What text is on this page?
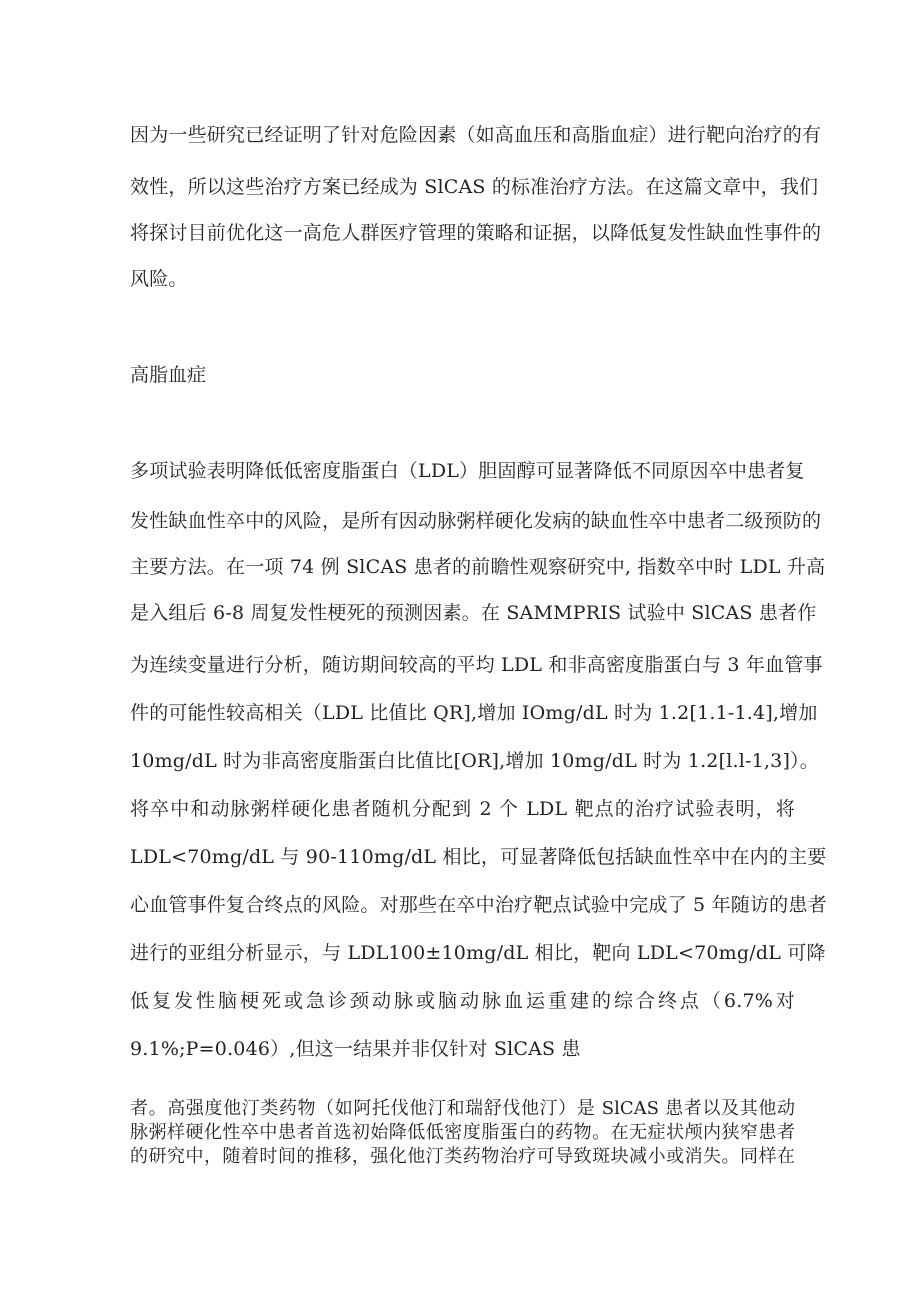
因为一些研究已经证明了针对危险因素（如高血压和高脂血症）进行靶向治疗的有
效性，所以这些治疗方案已经成为 SlCAS 的标准治疗方法。在这篇文章中，我们
将探讨目前优化这一高危人群医疗管理的策略和证据，以降低复发性缺血性事件的
风险。
高脂血症
多项试验表明降低低密度脂蛋白（LDL）胆固醇可显著降低不同原因卒中患者复
发性缺血性卒中的风险，是所有因动脉粥样硬化发病的缺血性卒中患者二级预防的
主要方法。在一项 74 例 SlCAS 患者的前瞻性观察研究中, 指数卒中时 LDL 升高
是入组后 6-8 周复发性梗死的预测因素。在 SAMMPRIS 试验中 SlCAS 患者作
为连续变量进行分析，随访期间较高的平均 LDL 和非高密度脂蛋白与 3 年血管事
件的可能性较高相关（LDL 比值比 QR],增加 IOmg∕dL 时为 1.2[1.1-1.4],增加
10mg/dL 时为非高密度脂蛋白比值比[OR],增加 10mg∕dL 时为 1.2[l.l-1,3]）。
将卒中和动脉粥样硬化患者随机分配到 2 个 LDL 靶点的治疗试验表明，将
LDL<70mg∕dL 与 90-110mg∕dL 相比，可显著降低包括缺血性卒中在内的主要
心血管事件复合终点的风险。对那些在卒中治疗靶点试验中完成了 5 年随访的患者
进行的亚组分析显示，与 LDL100±10mg∕dL 相比，靶向 LDL<70mg∕dL 可降
低复发性脑梗死或急诊颈动脉或脑动脉血运重建的综合终点（6.7%对
9.1%;P=0.046）,但这一结果并非仅针对 SlCAS 患
者。高强度他汀类药物（如阿托伐他汀和瑞舒伐他汀）是 SlCAS 患者以及其他动
脉粥样硬化性卒中患者首选初始降低低密度脂蛋白的药物。在无症状颅内狭窄患者
的研究中，随着时间的推移，强化他汀类药物治疗可导致斑块减小或消失。同样在
